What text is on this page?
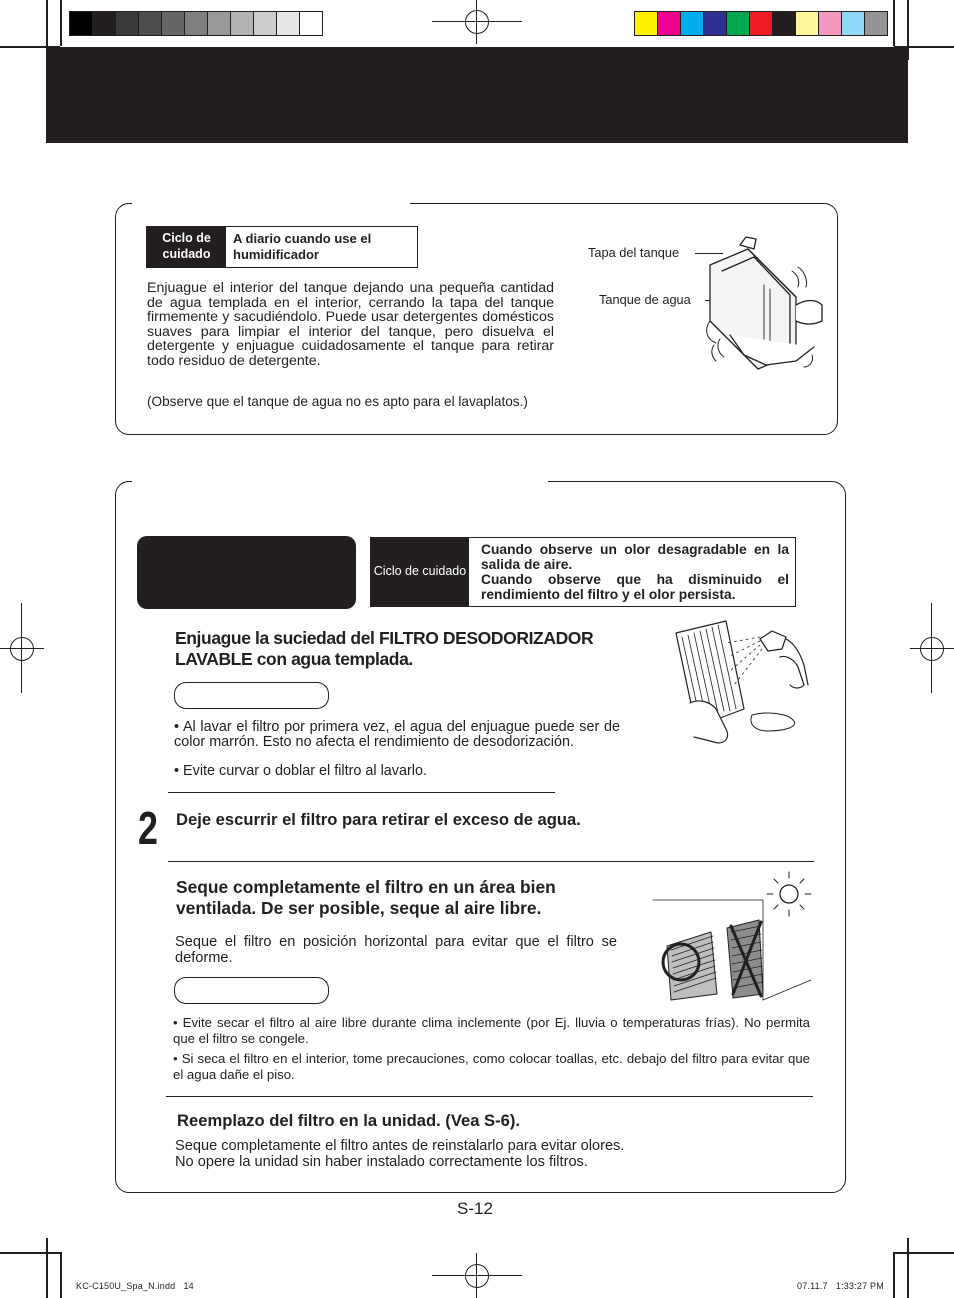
Ciclo de cuidado
A diario cuando use el humidificador
Enjuague el interior del tanque dejando una pequeña cantidad de agua templada en el interior, cerrando la tapa del tanque firmemente y sacudiéndolo. Puede usar detergentes domésticos suaves para limpiar el interior del tanque, pero disuelva el detergente y enjuague cuidadosamente el tanque para retirar todo residuo de detergente.
(Observe que el tanque de agua no es apto para el lavaplatos.)
Tapa del tanque
Tanque de agua
Ciclo de cuidado
Cuando observe un olor desagradable en la salida de aire.
Cuando observe que ha disminuido el rendimiento del filtro y el olor persista.
Enjuague la suciedad del FILTRO DESODORIZADOR LAVABLE con agua templada.
• Al lavar el filtro por primera vez, el agua del enjuague puede ser de color marrón. Esto no afecta el rendimiento de desodorización.
• Evite curvar o doblar el filtro al lavarlo.
2 Deje escurrir el filtro para retirar el exceso de agua.
Seque completamente el filtro en un área bien ventilada. De ser posible, seque al aire libre.
Seque el filtro en posición horizontal para evitar que el filtro se deforme.
• Evite secar el filtro al aire libre durante clima inclemente (por Ej. lluvia o temperaturas frías). No permita que el filtro se congele.
• Si seca el filtro en el interior, tome precauciones, como colocar toallas, etc. debajo del filtro para evitar que el agua dañe el piso.
Reemplazo del filtro en la unidad. (Vea S-6).
Seque completamente el filtro antes de reinstalarlo para evitar olores.
No opere la unidad sin haber instalado correctamente los filtros.
S-12
KC-C150U_Spa_N.indd   14	07.11.7   1:33:27 PM
